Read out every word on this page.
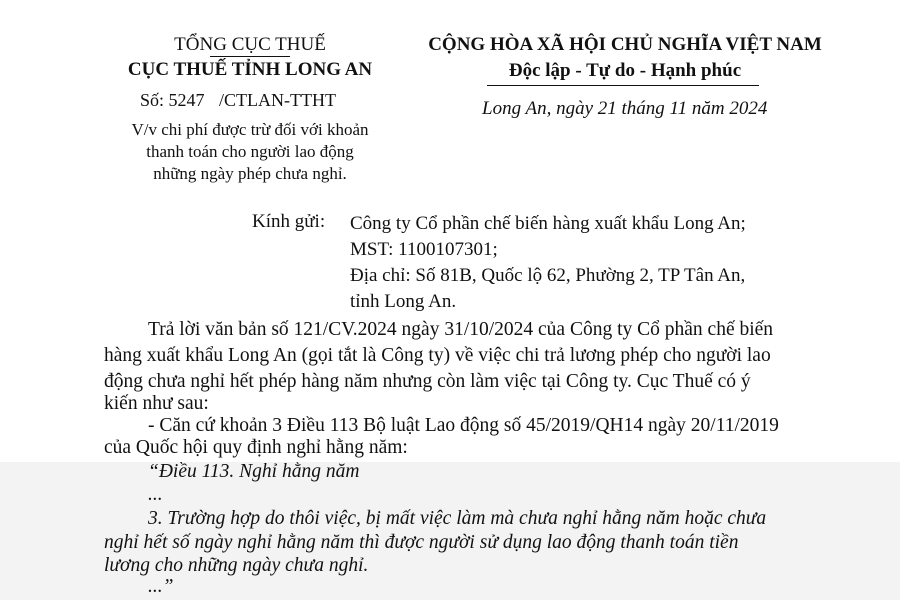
TỔNG CỤC THUẾ
CỤC THUẾ TỈNH LONG AN
CỘNG HÒA XÃ HỘI CHỦ NGHĨA VIỆT NAM
Độc lập - Tự do - Hạnh phúc
Số: 5247 /CTLAN-TTHT	Long An, ngày 21 tháng 11 năm 2024
V/v chi phí được trừ đối với khoản
thanh toán cho người lao động
những ngày phép chưa nghỉ.
Kính gửi: Công ty Cổ phần chế biến hàng xuất khẩu Long An;
MST: 1100107301;
Địa chỉ: Số 81B, Quốc lộ 62, Phường 2, TP Tân An,
tỉnh Long An.
Trả lời văn bản số 121/CV.2024 ngày 31/10/2024 của Công ty Cổ phần chế biến
hàng xuất khẩu Long An (gọi tắt là Công ty) về việc chi trả lương phép cho người lao
động chưa nghỉ hết phép hàng năm nhưng còn làm việc tại Công ty. Cục Thuế có ý
kiến như sau:
- Căn cứ khoản 3 Điều 113 Bộ luật Lao động số 45/2019/QH14 ngày 20/11/2019
của Quốc hội quy định nghỉ hằng năm:
“Điều 113. Nghỉ hằng năm
...
3. Trường hợp do thôi việc, bị mất việc làm mà chưa nghỉ hằng năm hoặc chưa
nghỉ hết số ngày nghỉ hằng năm thì được người sử dụng lao động thanh toán tiền
lương cho những ngày chưa nghỉ.
...”
